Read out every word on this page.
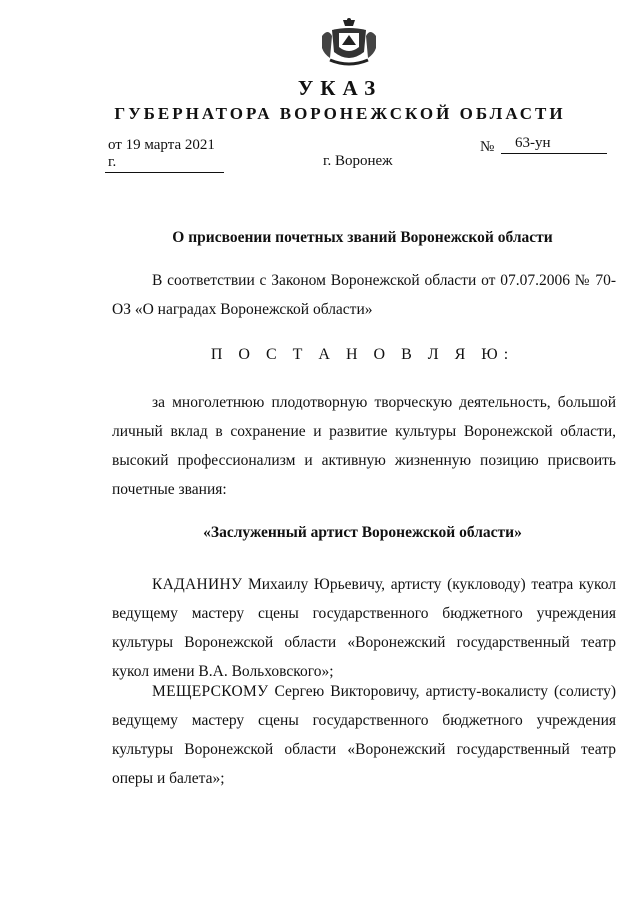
УКАЗ
ГУБЕРНАТОРА ВОРОНЕЖСКОЙ ОБЛАСТИ
от 19 марта 2021 г.
№	63-ун
г. Воронеж
О присвоении почетных званий Воронежской области
В соответствии с Законом Воронежской области от 07.07.2006 № 70-ОЗ «О наградах Воронежской области»
П О С Т А Н О В Л Я Ю:
за многолетнюю плодотворную творческую деятельность, большой личный вклад в сохранение и развитие культуры Воронежской области, высокий профессионализм и активную жизненную позицию присвоить почетные звания:
«Заслуженный артист Воронежской области»
КАДАНИНУ Михаилу Юрьевичу, артисту (кукловоду) театра кукол ведущему мастеру сцены государственного бюджетного учреждения культуры Воронежской области «Воронежский государственный театр кукол имени В.А. Вольховского»;
МЕЩЕРСКОМУ Сергею Викторовичу, артисту-вокалисту (солисту) ведущему мастеру сцены государственного бюджетного учреждения культуры Воронежской области «Воронежский государственный театр оперы и балета»;
